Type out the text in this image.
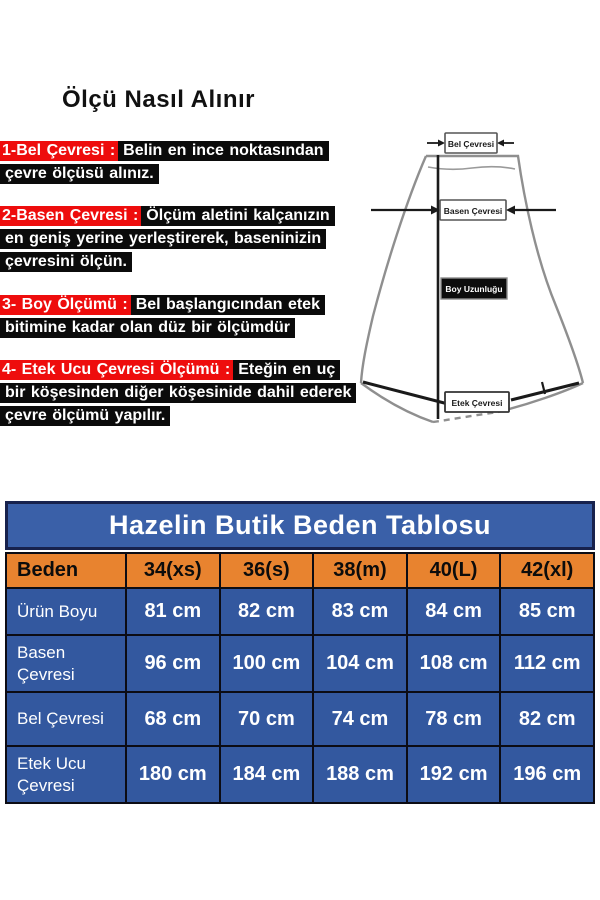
Ölçü Nasıl Alınır

1-Bel Çevresi : Belin en ince noktasından çevre ölçüsü alınız.

2-Basen Çevresi : Ölçüm aletini kalçanızın en geniş yerine yerleştirerek, baseninizin çevresini ölçün.

3- Boy Ölçümü : Bel başlangıcından etek bitimine kadar olan düz bir ölçümdür

4- Etek Ucu Çevresi Ölçümü : Eteğin en uç bir köşesinden diğer köşesinide dahil ederek çevre ölçümü yapılır.

Bel Çevresi
Basen Çevresi
Boy Uzunluğu
Etek Çevresi
Hazelin Butik Beden Tablosu
Beden	34(xs)	36(s)	38(m)	40(L)	42(xl)
Ürün Boyu	81 cm	82 cm	83 cm	84 cm	85 cm
Basen Çevresi	96 cm	100 cm	104 cm	108 cm	112 cm
Bel Çevresi	68 cm	70 cm	74 cm	78 cm	82 cm
Etek Ucu Çevresi	180 cm	184 cm	188 cm	192 cm	196 cm
